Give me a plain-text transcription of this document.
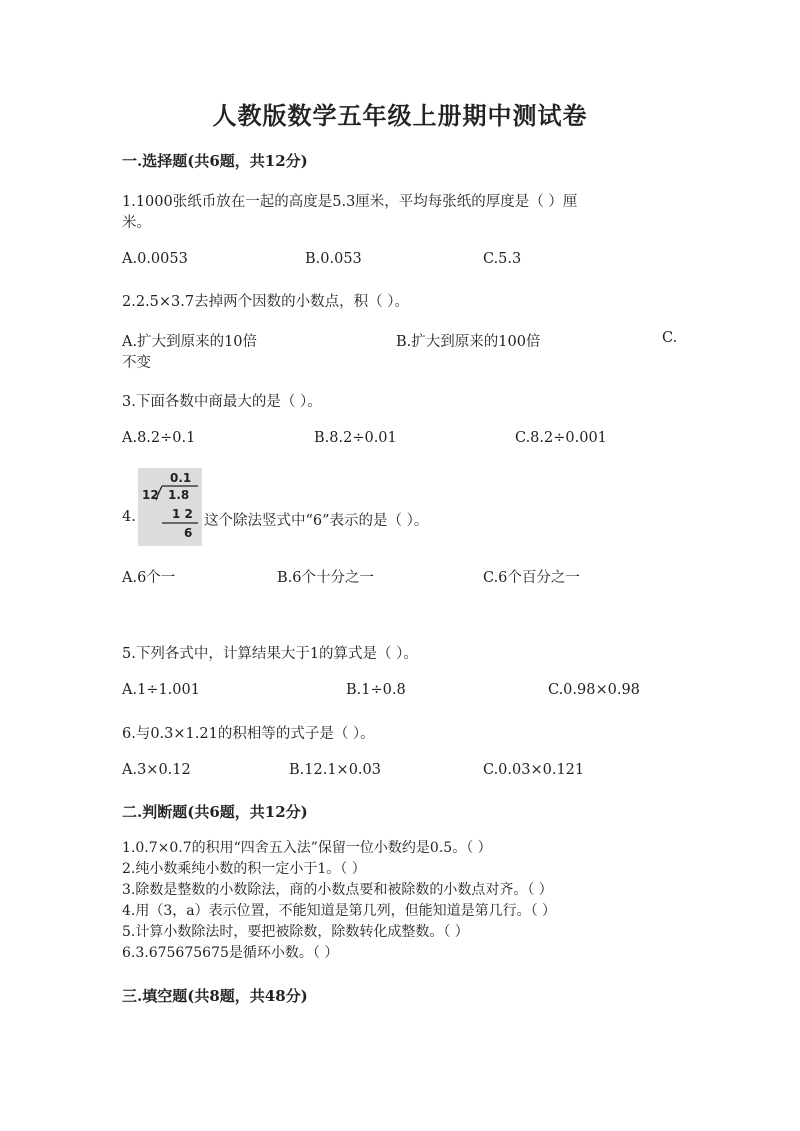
人教版数学五年级上册期中测试卷
一.选择题(共6题，共12分)
1.1000张纸币放在一起的高度是5.3厘米，平均每张纸的厚度是（ ）厘
米。
A.0.0053	B.0.053	C.5.3
2.2.5×3.7去掉两个因数的小数点，积（ ）。
A.扩大到原来的10倍	B.扩大到原来的100倍	C.
不变
3.下面各数中商最大的是（ ）。
A.8.2÷0.1	B.8.2÷0.01	C.8.2÷0.001
4.
0.1
12 1.8
1 2
6
这个除法竖式中“6”表示的是（ ）。
A.6个一	B.6个十分之一	C.6个百分之一
5.下列各式中，计算结果大于1的算式是（ ）。
A.1÷1.001	B.1÷0.8	C.0.98×0.98
6.与0.3×1.21的积相等的式子是（ ）。
A.3×0.12	B.12.1×0.03	C.0.03×0.121
二.判断题(共6题，共12分)
1.0.7×0.7的积用“四舍五入法”保留一位小数约是0.5。（ ）
2.纯小数乘纯小数的积一定小于1。（ ）
3.除数是整数的小数除法，商的小数点要和被除数的小数点对齐。（ ）
4.用（3，a）表示位置，不能知道是第几列，但能知道是第几行。（ ）
5.计算小数除法时，要把被除数，除数转化成整数。（ ）
6.3.675675675是循环小数。（ ）
三.填空题(共8题，共48分)
